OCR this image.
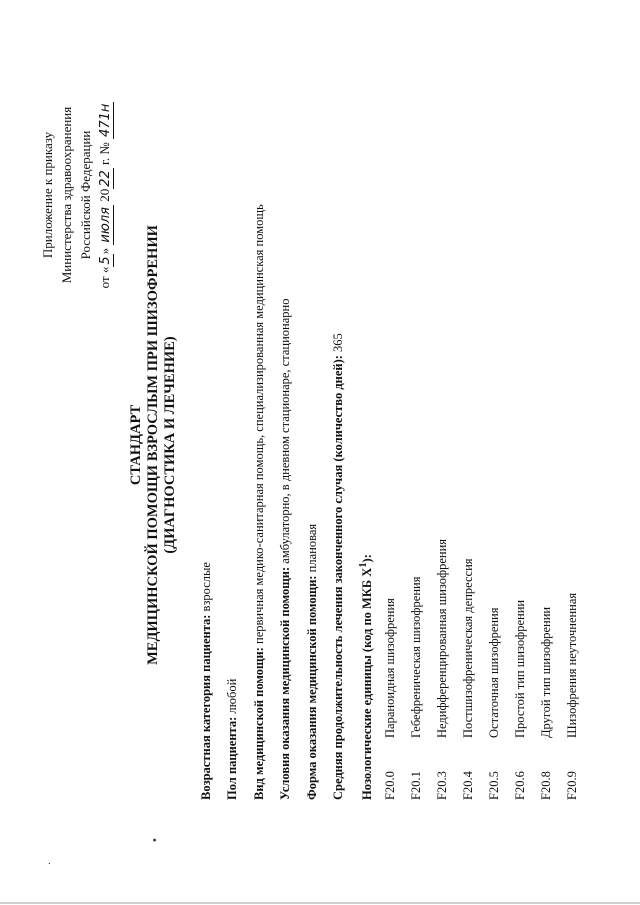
Приложение к приказу Министерства здравоохранения Российской Федерации
от «5» июля 2022 г. № 471н
СТАНДАРТ МЕДИЦИНСКОЙ ПОМОЩИ ВЗРОСЛЫМ ПРИ ШИЗОФРЕНИИ (ДИАГНОСТИКА И ЛЕЧЕНИЕ)
Возрастная категория пациента: взрослые
Пол пациента: любой Вид медицинской помощи: первичная медико-санитарная помощь, специализированная медицинская помощь
Условия оказания медицинской помощи: амбулаторно, в дневном стационаре, стационарно
Форма оказания медицинской помощи: плановая Средняя продолжительность лечения законченного случая (количество дней): 365
Нозологические единицы (код по МКБ $X^1$):
F20.0
Параноидная шизофрения
F20.1
Гебефреническая шизофрения
F20.3
Недифференцированная шизофрения
F20.4
Постшизофреническая депрессия
F20.5
Остаточная шизофрения
F20.6
Простой тип шизофрении
F20.8
Другой тип шизофрении
F20.9
Шизофрения неуточненная
·
•
